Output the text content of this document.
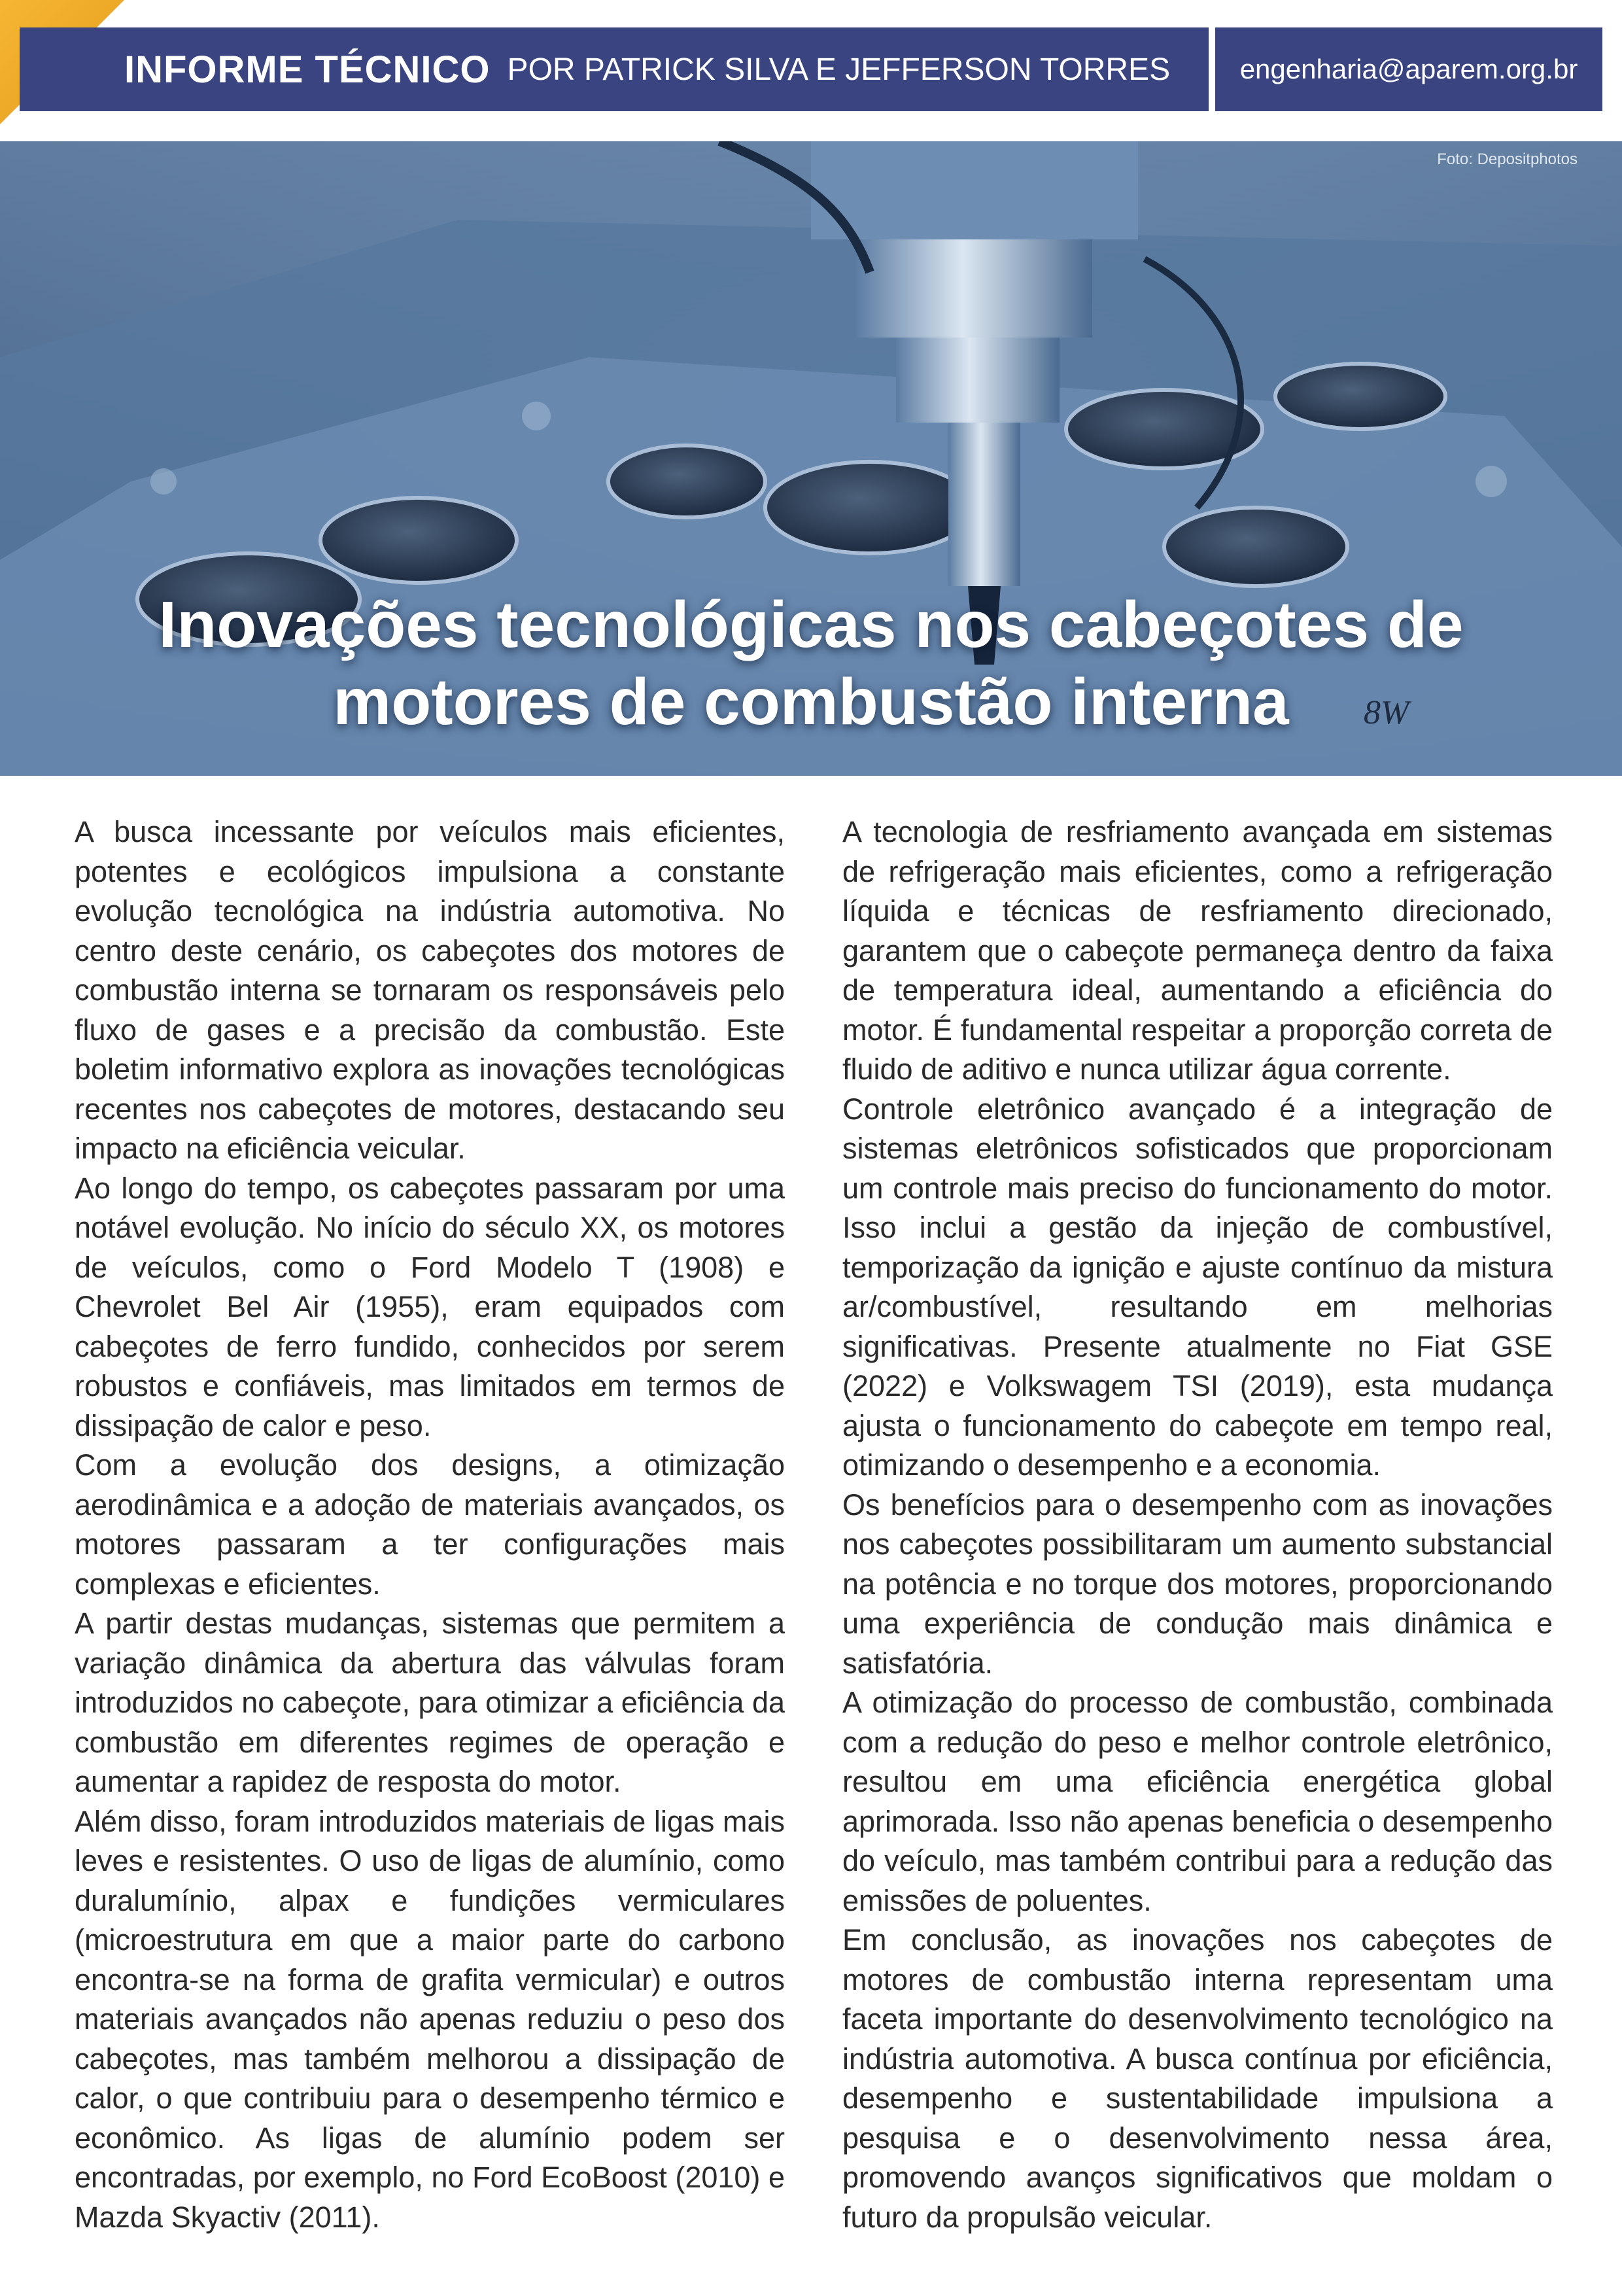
INFORME TÉCNICO POR PATRICK SILVA E JEFFERSON TORRES	engenharia@aparem.org.br
8W
Foto: Depositphotos
Inovações tecnológicas nos cabeçotes de
motores de combustão interna

A busca incessante por veículos mais eficientes, potentes e ecológicos impulsiona a constante evolução tecnológica na indústria automotiva. No centro deste cenário, os cabeçotes dos motores de combustão interna se tornaram os responsáveis pelo fluxo de gases e a precisão da combustão. Este boletim informativo explora as inovações tecnológicas recentes nos cabeçotes de motores, destacando seu impacto na eficiência veicular.

Ao longo do tempo, os cabeçotes passaram por uma notável evolução. No início do século XX, os motores de veículos, como o Ford Modelo T (1908) e Chevrolet Bel Air (1955), eram equipados com cabeçotes de ferro fundido, conhecidos por serem robustos e confiáveis, mas limitados em termos de dissipação de calor e peso.

Com a evolução dos designs, a otimização aerodinâmica e a adoção de materiais avançados, os motores passaram a ter configurações mais complexas e eficientes.

A partir destas mudanças, sistemas que permitem a variação dinâmica da abertura das válvulas foram introduzidos no cabeçote, para otimizar a eficiência da combustão em diferentes regimes de operação e aumentar a rapidez de resposta do motor.

Além disso, foram introduzidos materiais de ligas mais leves e resistentes. O uso de ligas de alumínio, como duralumínio, alpax e fundições vermiculares (microestrutura em que a maior parte do carbono encontra-se na forma de grafita vermicular) e outros materiais avançados não apenas reduziu o peso dos cabeçotes, mas também melhorou a dissipação de calor, o que contribuiu para o desempenho térmico e econômico. As ligas de alumínio podem ser encontradas, por exemplo, no Ford EcoBoost (2010) e Mazda Skyactiv (2011).

A tecnologia de resfriamento avançada em sistemas de refrigeração mais eficientes, como a refrigeração líquida e técnicas de resfriamento direcionado, garantem que o cabeçote permaneça dentro da faixa de temperatura ideal, aumentando a eficiência do motor. É fundamental respeitar a proporção correta de fluido de aditivo e nunca utilizar água corrente.

Controle eletrônico avançado é a integração de sistemas eletrônicos sofisticados que proporcionam um controle mais preciso do funcionamento do motor. Isso inclui a gestão da injeção de combustível, temporização da ignição e ajuste contínuo da mistura ar/combustível, resultando em melhorias significativas. Presente atualmente no Fiat GSE (2022) e Volkswagem TSI (2019), esta mudança ajusta o funcionamento do cabeçote em tempo real, otimizando o desempenho e a economia.

Os benefícios para o desempenho com as inovações nos cabeçotes possibilitaram um aumento substancial na potência e no torque dos motores, proporcionando uma experiência de condução mais dinâmica e satisfatória.

A otimização do processo de combustão, combinada com a redução do peso e melhor controle eletrônico, resultou em uma eficiência energética global aprimorada. Isso não apenas beneficia o desempenho do veículo, mas também contribui para a redução das emissões de poluentes.

Em conclusão, as inovações nos cabeçotes de motores de combustão interna representam uma faceta importante do desenvolvimento tecnológico na indústria automotiva. A busca contínua por eficiência, desempenho e sustentabilidade impulsiona a pesquisa e o desenvolvimento nessa área, promovendo avanços significativos que moldam o futuro da propulsão veicular.
